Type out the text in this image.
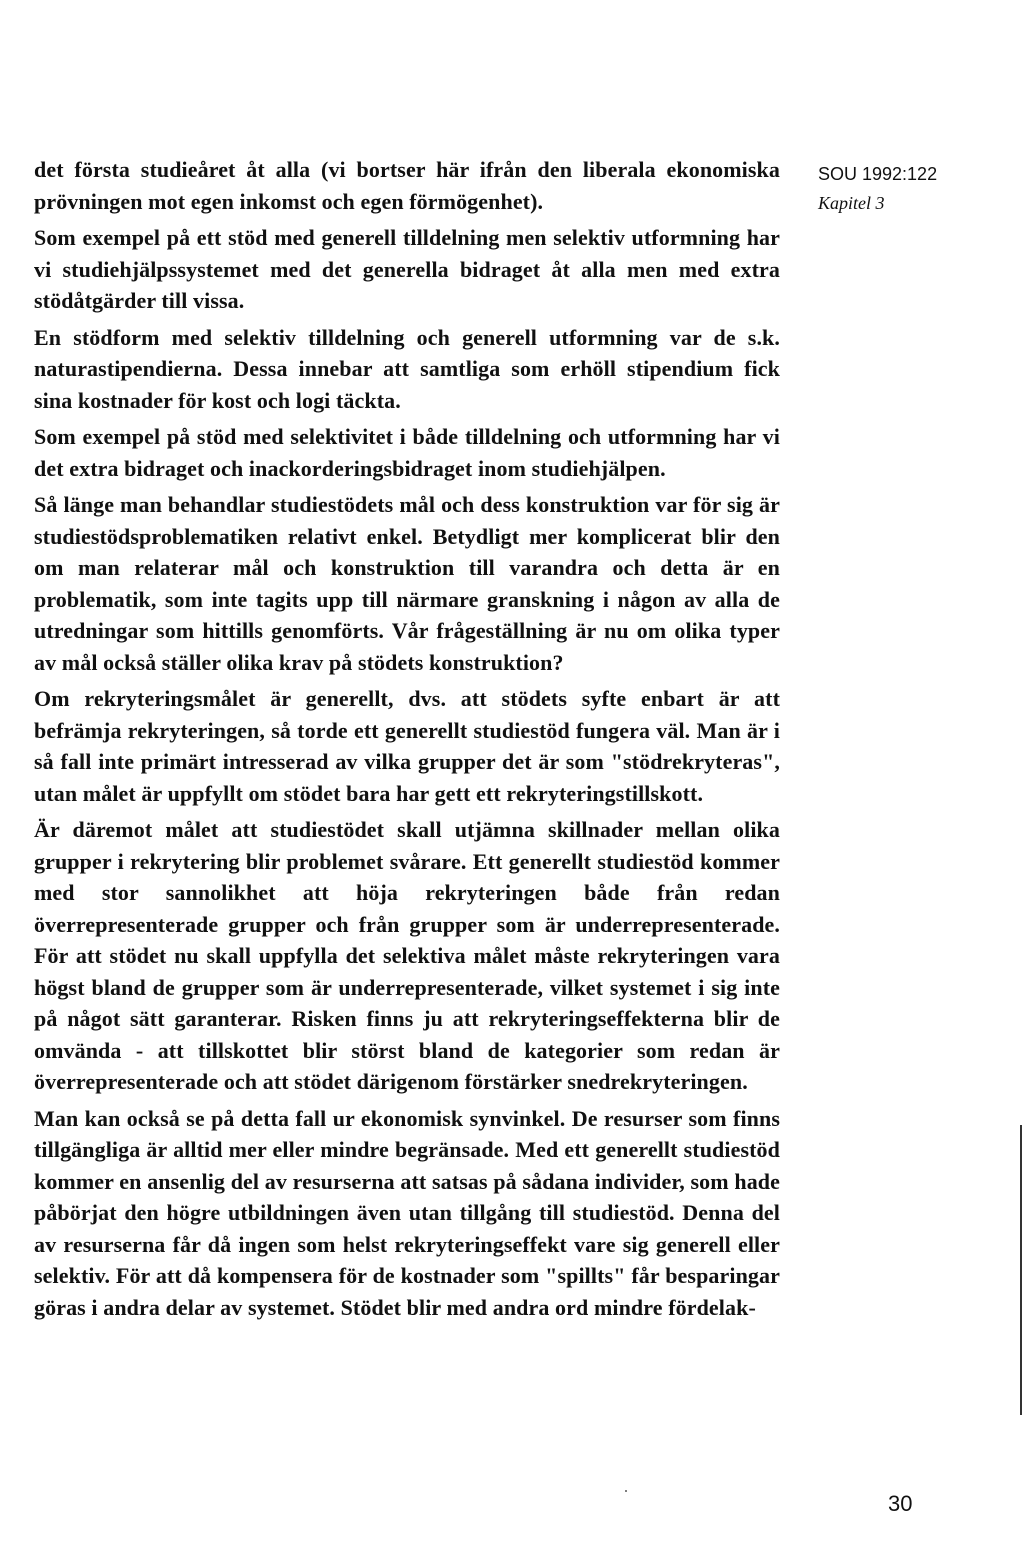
det första studieåret åt alla (vi bortser här ifrån den liberala ekonomiska prövningen mot egen inkomst och egen förmögenhet).

Som exempel på ett stöd med generell tilldelning men selektiv utformning har vi studiehjälpssystemet med det generella bidraget åt alla men med extra stödåtgärder till vissa.

En stödform med selektiv tilldelning och generell utformning var de s.k. naturastipendierna. Dessa innebar att samtliga som erhöll stipendium fick sina kostnader för kost och logi täckta.

Som exempel på stöd med selektivitet i både tilldelning och utformning har vi det extra bidraget och inackorderingsbidraget inom studiehjälpen.

Så länge man behandlar studiestödets mål och dess konstruktion var för sig är studiestödsproblematiken relativt enkel. Betydligt mer komplicerat blir den om man relaterar mål och konstruktion till varandra och detta är en problematik, som inte tagits upp till närmare granskning i någon av alla de utredningar som hittills genomförts. Vår frågeställning är nu om olika typer av mål också ställer olika krav på stödets konstruktion?

Om rekryteringsmålet är generellt, dvs. att stödets syfte enbart är att befrämja rekryteringen, så torde ett generellt studiestöd fungera väl. Man är i så fall inte primärt intresserad av vilka grupper det är som "stödrekryteras", utan målet är uppfyllt om stödet bara har gett ett rekryteringstillskott.

Är däremot målet att studiestödet skall utjämna skillnader mellan olika grupper i rekrytering blir problemet svårare. Ett generellt studiestöd kommer med stor sannolikhet att höja rekryteringen både från redan överrepresenterade grupper och från grupper som är underrepresenterade. För att stödet nu skall uppfylla det selektiva målet måste rekryteringen vara högst bland de grupper som är underrepresenterade, vilket systemet i sig inte på något sätt garanterar. Risken finns ju att rekryteringseffekterna blir de omvända - att tillskottet blir störst bland de kategorier som redan är överrepresenterade och att stödet därigenom förstärker snedrekryteringen.

Man kan också se på detta fall ur ekonomisk synvinkel. De resurser som finns tillgängliga är alltid mer eller mindre begränsade. Med ett generellt studiestöd kommer en ansenlig del av resurserna att satsas på sådana individer, som hade påbörjat den högre utbildningen även utan tillgång till studiestöd. Denna del av resurserna får då ingen som helst rekryteringseffekt vare sig generell eller selektiv. För att då kompensera för de kostnader som "spillts" får besparingar göras i andra delar av systemet. Stödet blir med andra ord mindre fördelak-

SOU 1992:122
Kapitel 3
30
